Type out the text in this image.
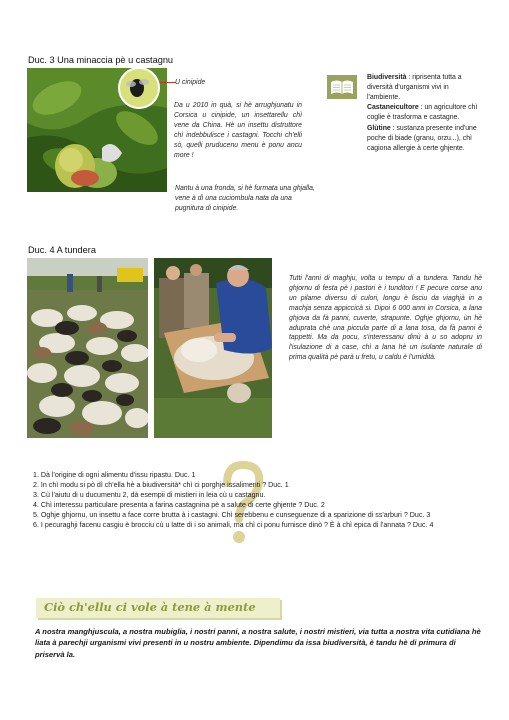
Duc. 3 Una minaccia pè u castagnu
U cinipide

Da u 2010 in quà, si hè arrughjunatu in Corsica u cinipide, un insettarellu chì vene da China. Hè un insettu distruttore chì indebbulisce i castagni. Tocchi ch'elli sò, quelli pruducenu menu è ponu ancu more !

Nantu à una fronda, si hè furmata una ghjalla, vene à dì una cuciombula nata da una pugnitura di cinipide.

Biudiversità : riprisenta tutta a diversità d'urganismi vivi in l'ambiente.

Castaneicultore : un agricultore chì coglie è trasforma e castagne.

Glùtine : sustanza presente ind'une poche di biade (granu, orzu...), chì cagiona allergie à certe ghjente.

Duc. 4 A tundera

Tutti l'anni di maghju, volta u tempu di a tundera. Tandu hè ghjornu di festa pè i pastori è i tunditori ! E pecure corse anu un pilame diversu di culori, longu è lisciu da viaghjà in a machja senza appiccicà si. Dipoi 6 000 anni in Corsica, a lana ghjova da fà panni, cuverte, strapunte. Oghje ghjornu, ùn hè aduprata chè una piccula parte di a lana tosa, da fà panni è tappetti. Ma da pocu, s'interessanu dinù à u so adopru in l'isulazione di a case, chì a lana hè un isulante naturale di prima qualità pè parà u fretu, u caldu è l'umidità.

1. Dà l'origine di ogni alimentu d'issu ripastu. Duc. 1
2. In chì modu si pò dì ch'ella hè a biudiversità* chì ci porghje issalimenti ? Duc. 1
3. Cù l'aiutu di u ducumentu 2, dà esempii di mistieri in leia cù u castagnu.
4. Chì interessu particulare presenta a farina castagnina pè a salute di certe ghjente ? Duc. 2
5. Oghje ghjornu, un insettu a face corre brutta à i castagni. Chì serebbenu e cunseguenze di a sparizione di ss'arburi ? Duc. 3
6. I pecuraghji facenu casgiu è brocciu cù u latte di i so animali, ma chì ci ponu furnisce dinò ? È à chì epica di l'annata ? Duc. 4
Ciò ch'ellu ci vole à tene à mente

A nostra manghjuscula, a nostra mubiglia, i nostri panni, a nostra salute, i nostri mistieri, via tutta a nostra vita cutidiana hè liata à parechji urganismi vivi presenti in u nostru ambiente. Dipendimu da issa biudiversità, è tandu hè di primura di priservà la.
